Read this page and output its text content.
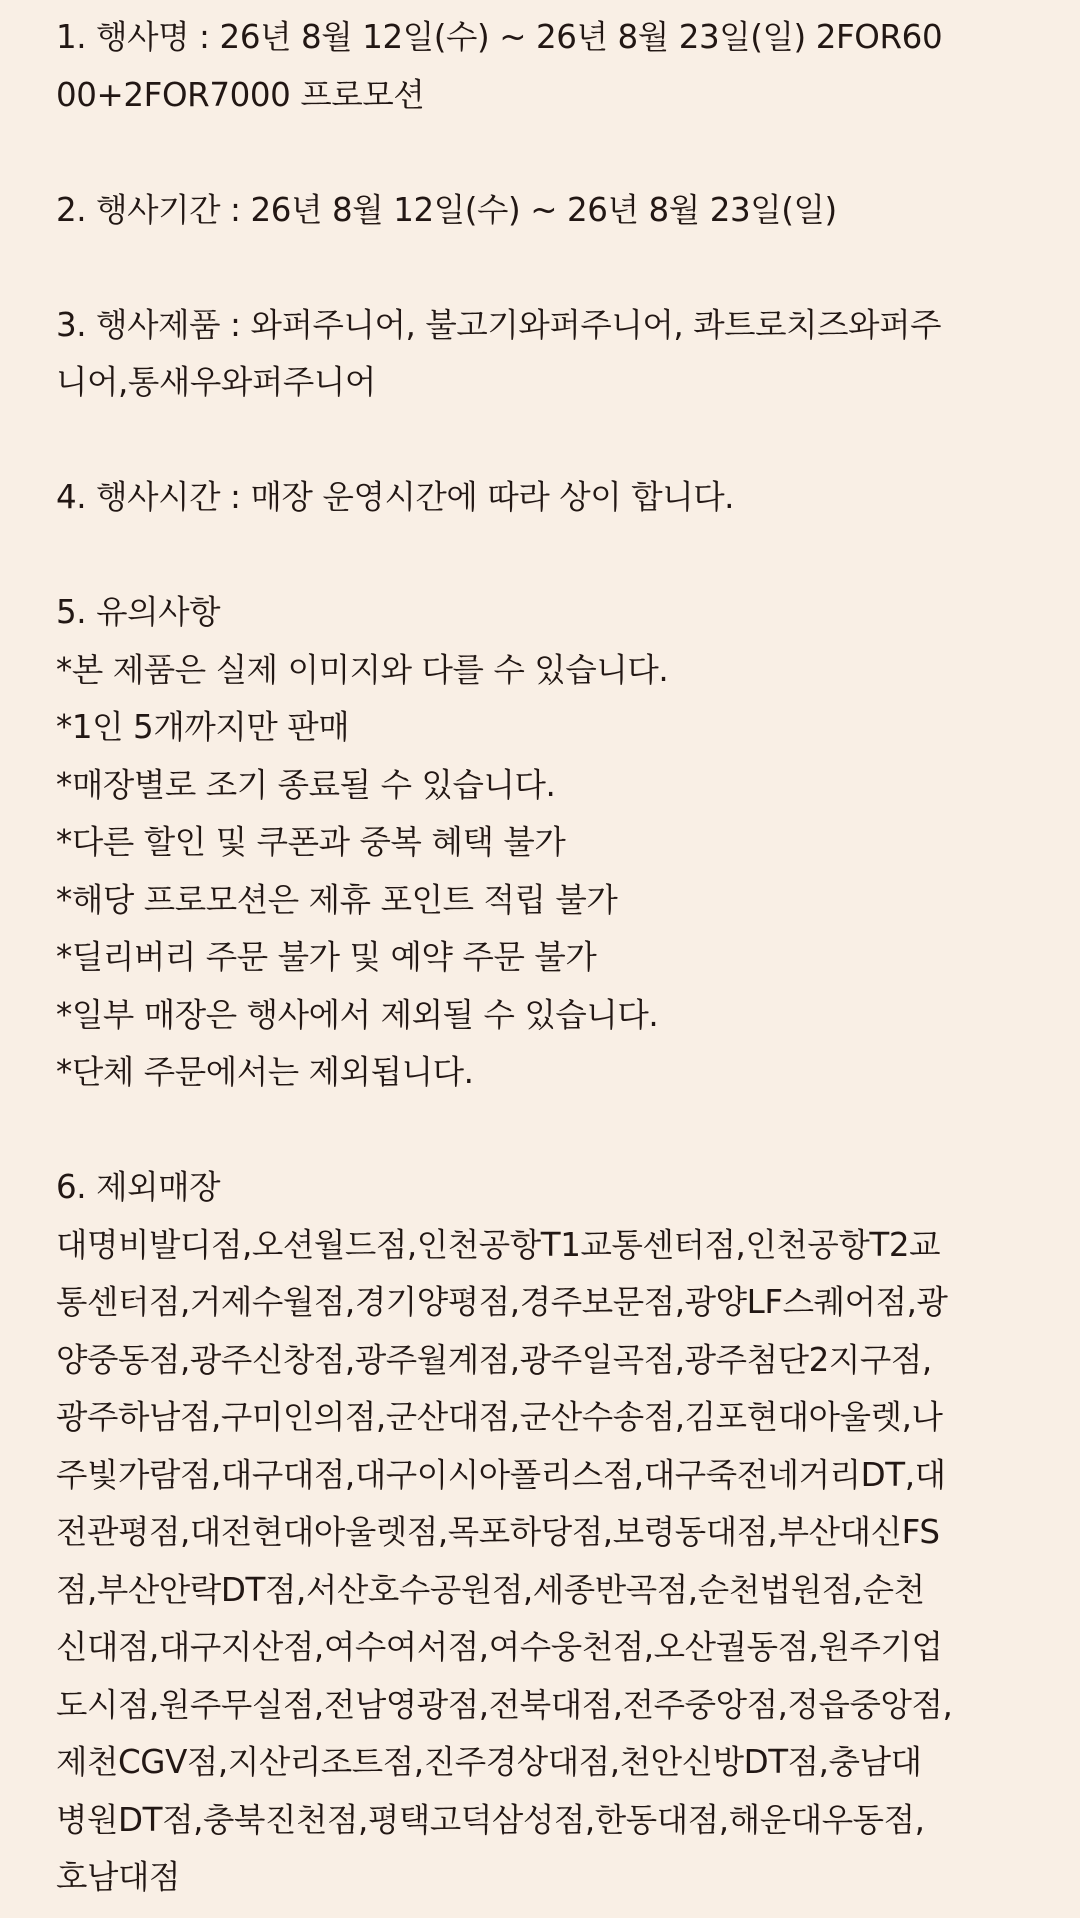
1. 행사명 : 26년 8월 12일(수) ~ 26년 8월 23일(일) 2FOR60
00+2FOR7000 프로모션
2. 행사기간 : 26년 8월 12일(수) ~ 26년 8월 23일(일)
3. 행사제품 : 와퍼주니어, 불고기와퍼주니어, 콰트로치즈와퍼주
니어,통새우와퍼주니어
4. 행사시간 : 매장 운영시간에 따라 상이 합니다.
5. 유의사항
*본 제품은 실제 이미지와 다를 수 있습니다.
*1인 5개까지만 판매
*매장별로 조기 종료될 수 있습니다.
*다른 할인 및 쿠폰과 중복 혜택 불가
*해당 프로모션은 제휴 포인트 적립 불가
*딜리버리 주문 불가 및 예약 주문 불가
*일부 매장은 행사에서 제외될 수 있습니다.
*단체 주문에서는 제외됩니다.
6. 제외매장
대명비발디점,오션월드점,인천공항T1교통센터점,인천공항T2교
통센터점,거제수월점,경기양평점,경주보문점,광양LF스퀘어점,광
양중동점,광주신창점,광주월계점,광주일곡점,광주첨단2지구점,
광주하남점,구미인의점,군산대점,군산수송점,김포현대아울렛,나
주빛가람점,대구대점,대구이시아폴리스점,대구죽전네거리DT,대
전관평점,대전현대아울렛점,목포하당점,보령동대점,부산대신FS
점,부산안락DT점,서산호수공원점,세종반곡점,순천법원점,순천
신대점,대구지산점,여수여서점,여수웅천점,오산궐동점,원주기업
도시점,원주무실점,전남영광점,전북대점,전주중앙점,정읍중앙점,
제천CGV점,지산리조트점,진주경상대점,천안신방DT점,충남대
병원DT점,충북진천점,평택고덕삼성점,한동대점,해운대우동점,
호남대점
